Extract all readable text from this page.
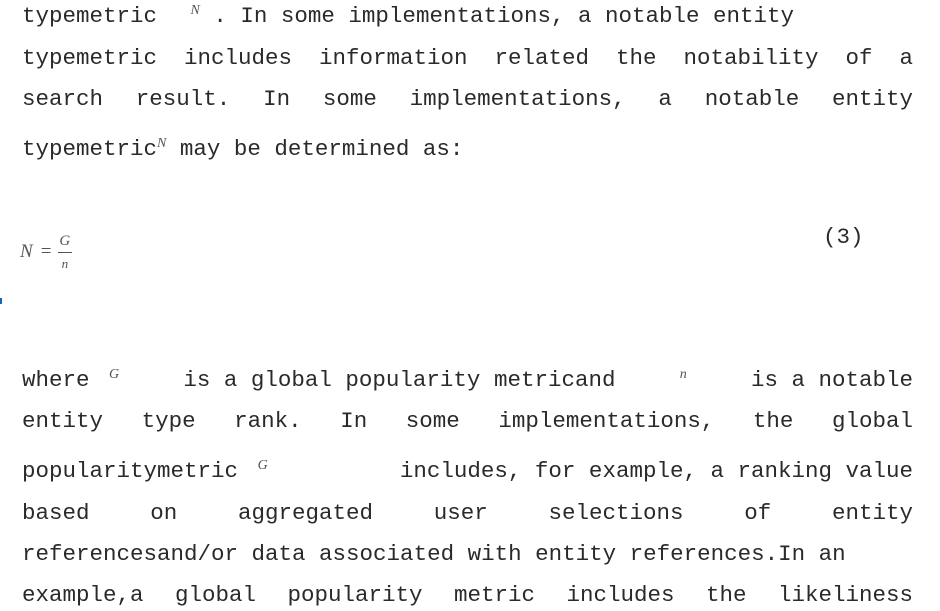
typemetric N . In some implementations, a notable entity
typemetric includes information related the notability of a
search result. In some implementations, a notable entity
typemetricN may be determined as:
$N = \frac{G}{n}$	(3)
where G	is a global popularity metricand	n	is a notable
entity type rank. In some implementations, the global
popularitymetric G	includes, for example, a ranking value
based on aggregated user selections of entity
referencesand/or data associated with entity references.In an
example,a global popularity metric includes the likeliness
